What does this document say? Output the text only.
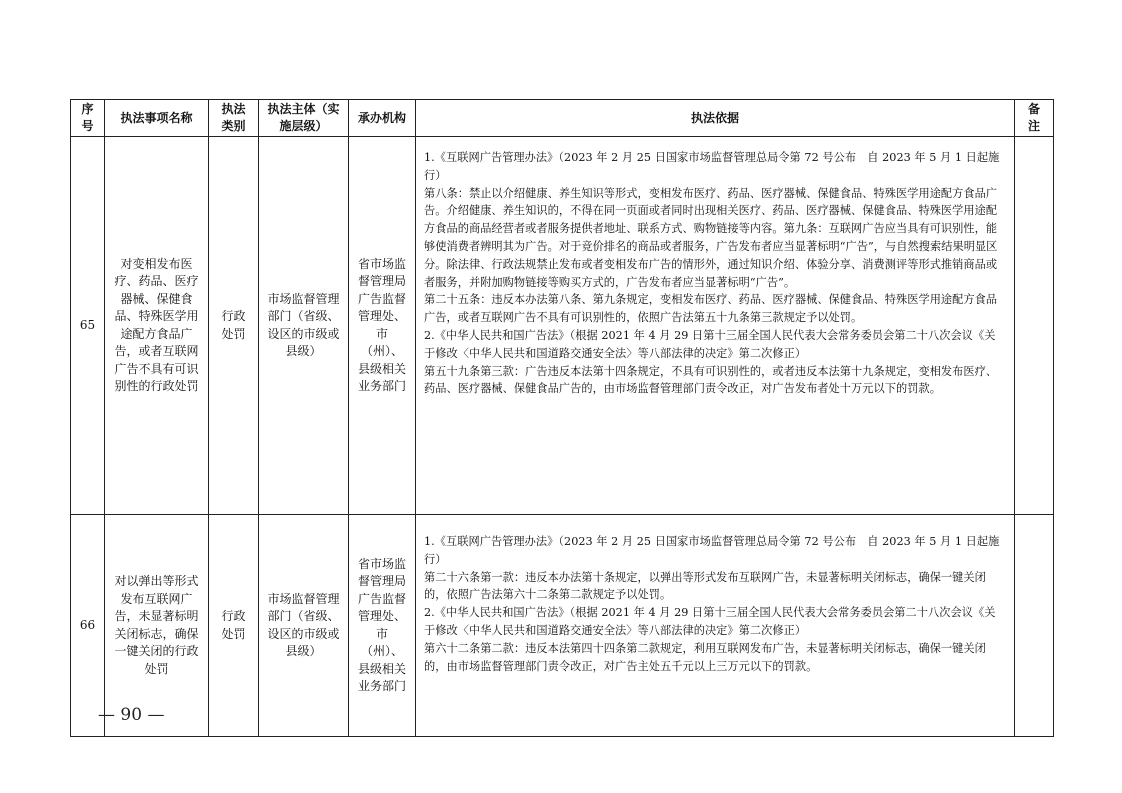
序号	执法事项名称	执法类别	执法主体（实施层级）	承办机构	执法依据	备注
65	对变相发布医疗、药品、医疗器械、保健食品、特殊医学用途配方食品广告，或者互联网广告不具有可识别性的行政处罚	行政处罚	市场监督管理部门（省级、设区的市级或县级）	省市场监督管理局广告监督管理处、市（州）、县级相关业务部门	1.《互联网广告管理办法》（2023 年 2 月 25 日国家市场监督管理总局令第 72 号公布　自 2023 年 5 月 1 日起施行）

第八条：禁止以介绍健康、养生知识等形式，变相发布医疗、药品、医疗器械、保健食品、特殊医学用途配方食品广告。介绍健康、养生知识的，不得在同一页面或者同时出现相关医疗、药品、医疗器械、保健食品、特殊医学用途配方食品的商品经营者或者服务提供者地址、联系方式、购物链接等内容。第九条：互联网广告应当具有可识别性，能够使消费者辨明其为广告。对于竞价排名的商品或者服务，广告发布者应当显著标明“广告”，与自然搜索结果明显区分。除法律、行政法规禁止发布或者变相发布广告的情形外，通过知识介绍、体验分享、消费测评等形式推销商品或者服务，并附加购物链接等购买方式的，广告发布者应当显著标明“广告”。

第二十五条：违反本办法第八条、第九条规定，变相发布医疗、药品、医疗器械、保健食品、特殊医学用途配方食品广告，或者互联网广告不具有可识别性的，依照广告法第五十九条第三款规定予以处罚。

2.《中华人民共和国广告法》（根据 2021 年 4 月 29 日第十三届全国人民代表大会常务委员会第二十八次会议《关于修改〈中华人民共和国道路交通安全法〉等八部法律的决定》第二次修正）

第五十九条第三款：广告违反本法第十四条规定，不具有可识别性的，或者违反本法第十九条规定，变相发布医疗、药品、医疗器械、保健食品广告的，由市场监督管理部门责令改正，对广告发布者处十万元以下的罚款。	

66	对以弹出等形式发布互联网广告，未显著标明关闭标志，确保一键关闭的行政处罚	行政处罚	市场监督管理部门（省级、设区的市级或县级）	省市场监督管理局广告监督管理处、市（州）、县级相关业务部门	1.《互联网广告管理办法》（2023 年 2 月 25 日国家市场监督管理总局令第 72 号公布　自 2023 年 5 月 1 日起施行）

第二十六条第一款：违反本办法第十条规定，以弹出等形式发布互联网广告，未显著标明关闭标志，确保一键关闭的，依照广告法第六十二条第二款规定予以处罚。

2.《中华人民共和国广告法》（根据 2021 年 4 月 29 日第十三届全国人民代表大会常务委员会第二十八次会议《关于修改〈中华人民共和国道路交通安全法〉等八部法律的决定》第二次修正）

第六十二条第二款：违反本法第四十四条第二款规定，利用互联网发布广告，未显著标明关闭标志，确保一键关闭的，由市场监督管理部门责令改正，对广告主处五千元以上三万元以下的罚款。	

— 90 —
